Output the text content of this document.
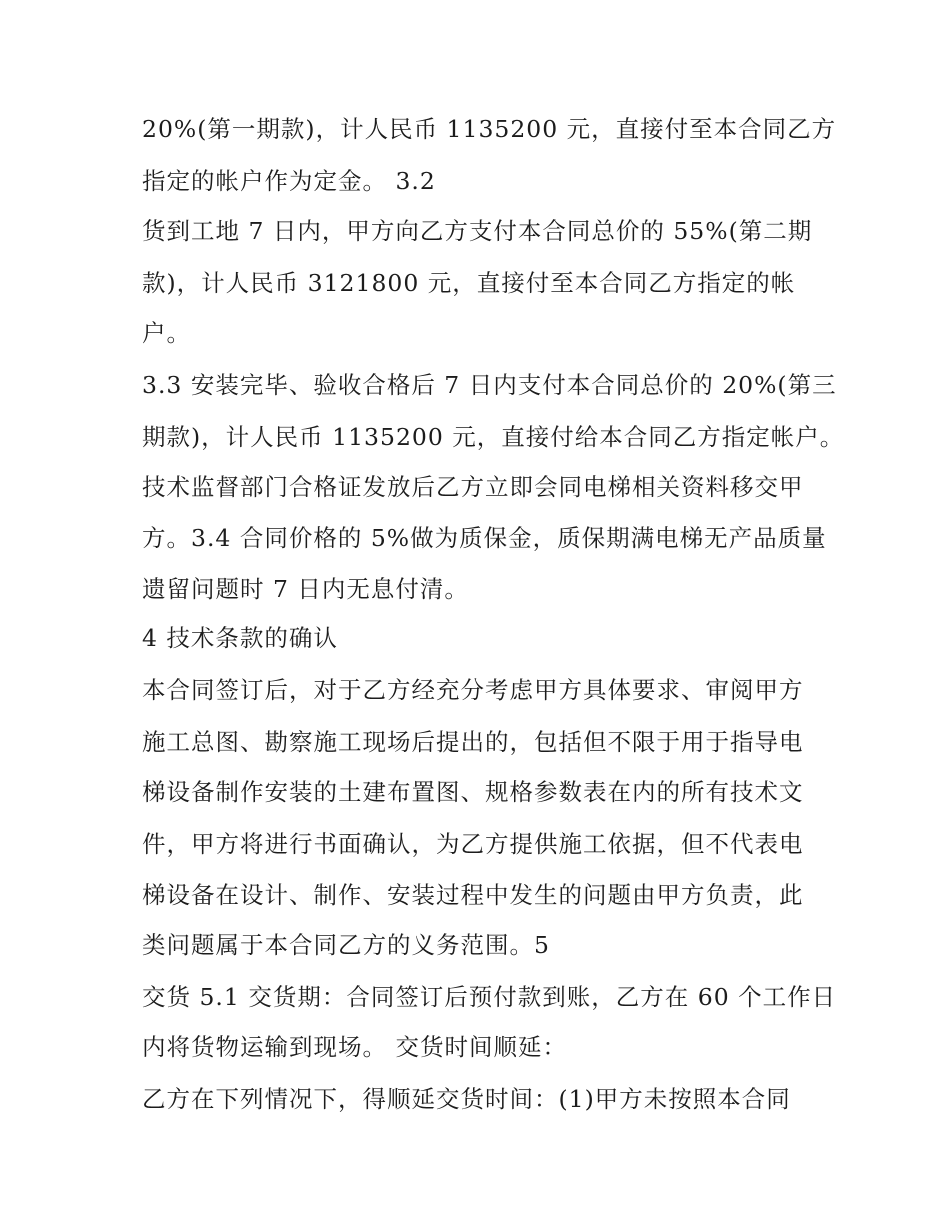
20%(第一期款)，计人民币 1135200 元，直接付至本合同乙方

指定的帐户作为定金。 3.2

货到工地 7 日内，甲方向乙方支付本合同总价的 55%(第二期

款)，计人民币 3121800 元，直接付至本合同乙方指定的帐

户。

3.3 安装完毕、验收合格后 7 日内支付本合同总价的 20%(第三

期款)，计人民币 1135200 元，直接付给本合同乙方指定帐户。

技术监督部门合格证发放后乙方立即会同电梯相关资料移交甲

方。3.4 合同价格的 5%做为质保金，质保期满电梯无产品质量

遗留问题时 7 日内无息付清。

4 技术条款的确认

本合同签订后，对于乙方经充分考虑甲方具体要求、审阅甲方

施工总图、勘察施工现场后提出的，包括但不限于用于指导电

梯设备制作安装的土建布置图、规格参数表在内的所有技术文

件，甲方将进行书面确认，为乙方提供施工依据，但不代表电

梯设备在设计、制作、安装过程中发生的问题由甲方负责，此

类问题属于本合同乙方的义务范围。5

交货 5.1 交货期：合同签订后预付款到账，乙方在 60 个工作日

内将货物运输到现场。 交货时间顺延：

乙方在下列情况下，得顺延交货时间：(1)甲方未按照本合同
